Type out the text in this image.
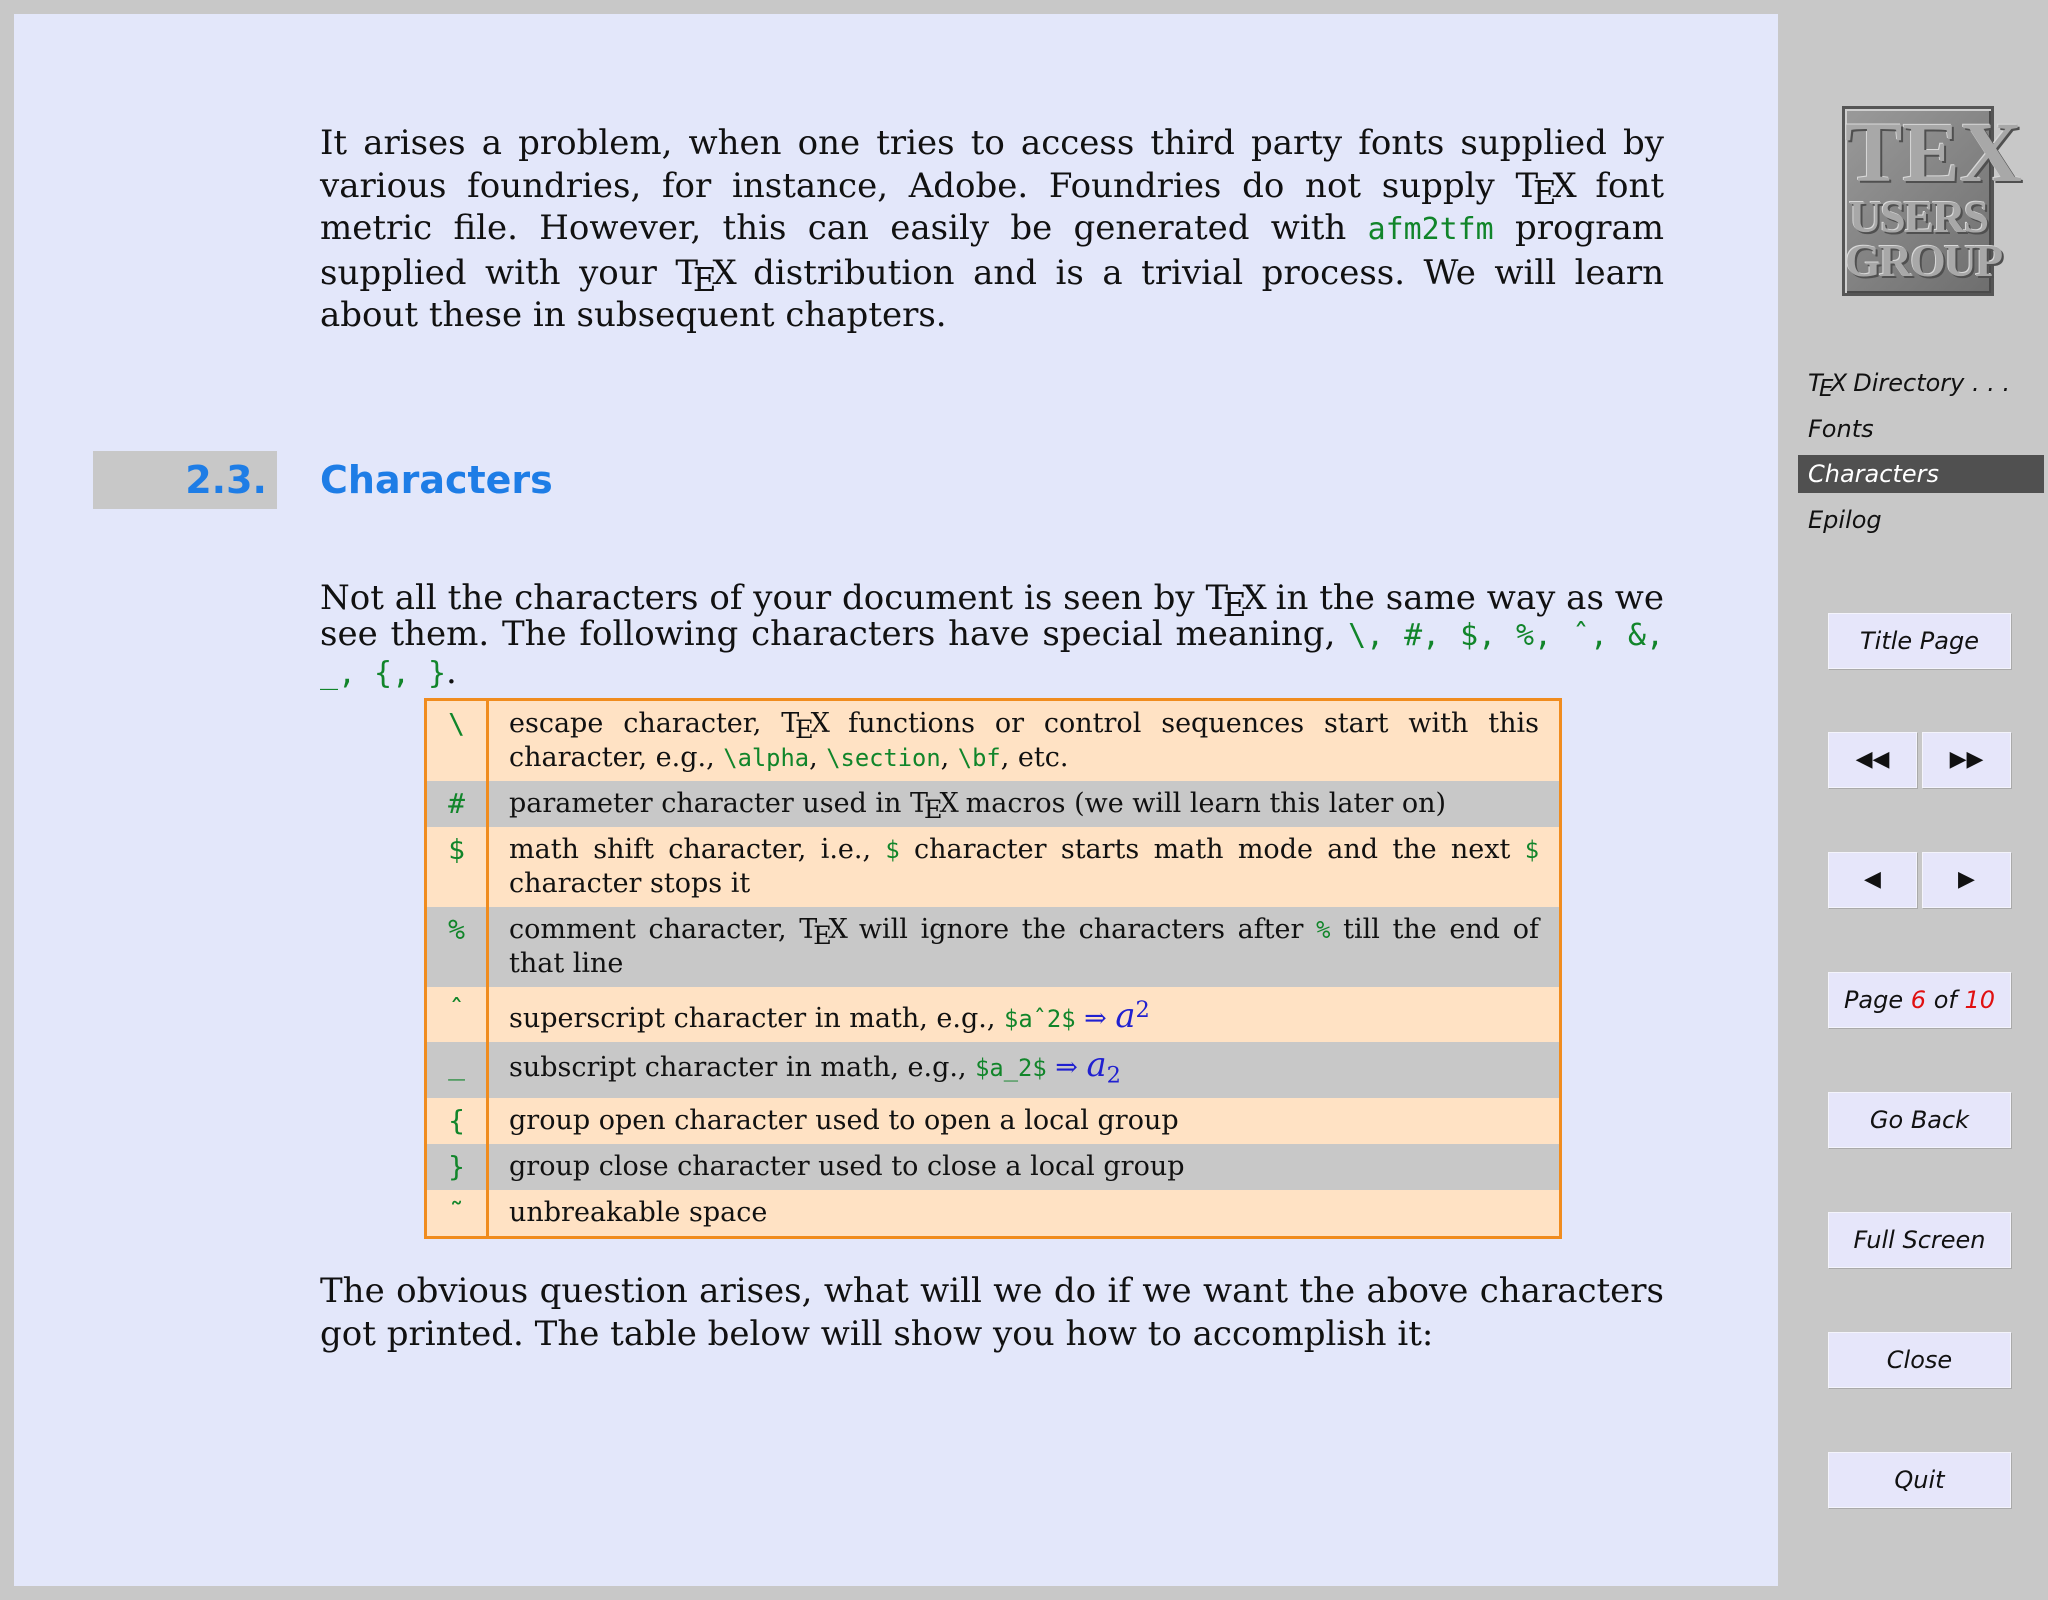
It arises a problem, when one tries to access third party fonts supplied by various foundries, for instance, Adobe. Foundries do not supply TEX font metric file. However, this can easily be generated with afm2tfm program supplied with your TEX distribution and is a trivial process. We will learn about these in subsequent chapters.

2.3. Characters

Not all the characters of your document is seen by TEX in the same way as we see them. The following characters have special meaning, \, #, $, %, ˆ, &, _, {, }.

\	escape character, TEX functions or control sequences start with this character, e.g., \alpha, \section, \bf, etc.
#	parameter character used in TEX macros (we will learn this later on)
$	math shift character, i.e., $ character starts math mode and the next $ character stops it
%	comment character, TEX will ignore the characters after % till the end of that line
ˆ	superscript character in math, e.g., $aˆ2$ ⇒ $a^2$
_	subscript character in math, e.g., $a_2$ ⇒ $a_2$
{	group open character used to open a local group
}	group close character used to close a local group
˜	unbreakable space

The obvious question arises, what will we do if we want the above characters got printed. The table below will show you how to accomplish it:

TEX
USERS
GROUP
TEX Directory . . .
Fonts
Characters
Epilog
Title Page
◀◀	▶▶
◀	▶
Page 6 of 10
Go Back
Full Screen
Close
Quit
